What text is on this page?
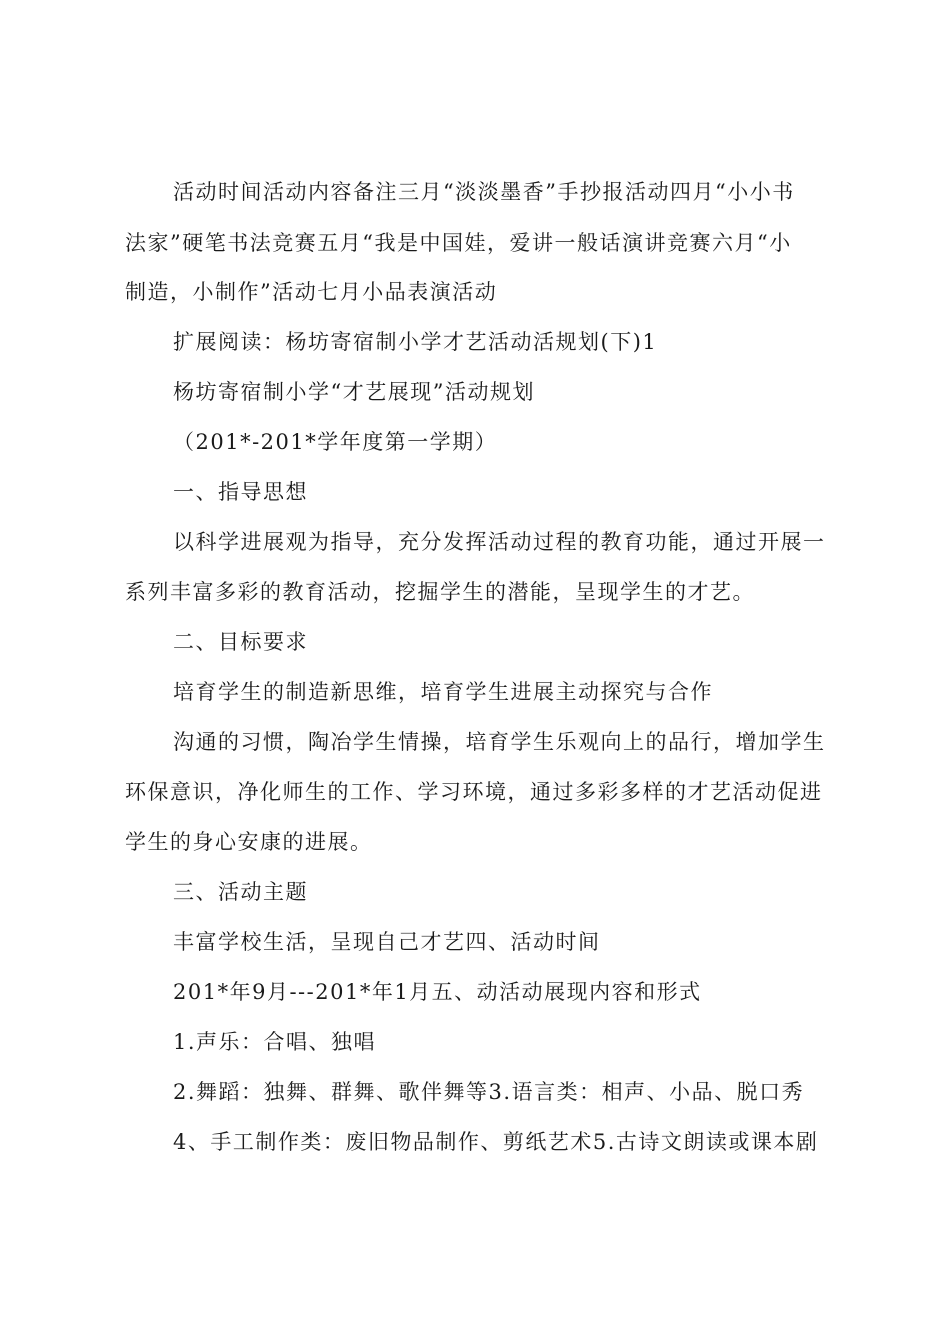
活动时间活动内容备注三月“淡淡墨香”手抄报活动四月“小小书
法家”硬笔书法竞赛五月“我是中国娃，爱讲一般话演讲竞赛六月“小
制造，小制作”活动七月小品表演活动
扩展阅读：杨坊寄宿制小学才艺活动活规划(下)1
杨坊寄宿制小学“才艺展现”活动规划
（201*-201*学年度第一学期）
一、指导思想
以科学进展观为指导，充分发挥活动过程的教育功能，通过开展一
系列丰富多彩的教育活动，挖掘学生的潜能，呈现学生的才艺。
二、目标要求
培育学生的制造新思维，培育学生进展主动探究与合作
沟通的习惯，陶冶学生情操，培育学生乐观向上的品行，增加学生
环保意识，净化师生的工作、学习环境，通过多彩多样的才艺活动促进
学生的身心安康的进展。
三、活动主题
丰富学校生活，呈现自己才艺四、活动时间
201*年9月---201*年1月五、动活动展现内容和形式
1.声乐：合唱、独唱
2.舞蹈：独舞、群舞、歌伴舞等3.语言类：相声、小品、脱口秀
4、手工制作类：废旧物品制作、剪纸艺术5.古诗文朗读或课本剧
